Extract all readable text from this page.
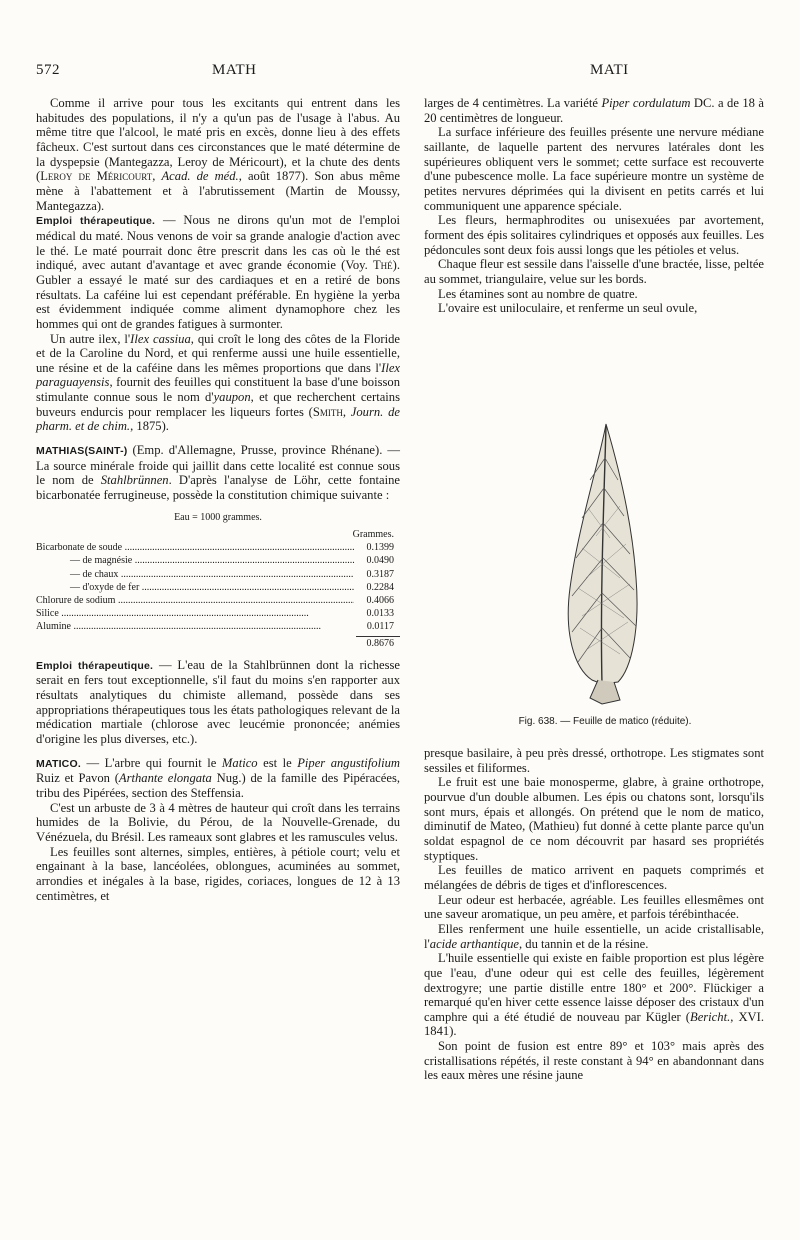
572	MATH	MATI

Comme il arrive pour tous les excitants qui entrent dans les habitudes des populations, il n'y a qu'un pas de l'usage à l'abus. Au même titre que l'alcool, le maté pris en excès, donne lieu à des effets fâcheux. C'est surtout dans ces circonstances que le maté détermine de la dyspepsie (Mantegazza, Leroy de Méricourt), et la chute des dents (Leroy de Méricourt, Acad. de méd., août 1877). Son abus même mène à l'abattement et à l'abrutissement (Martin de Moussy, Mantegazza).

Emploi thérapeutique. — Nous ne dirons qu'un mot de l'emploi médical du maté. Nous venons de voir sa grande analogie d'action avec le thé. Le maté pourrait donc être prescrit dans les cas où le thé est indiqué, avec autant d'avantage et avec grande économie (Voy. Thé). Gubler a essayé le maté sur des cardiaques et en a retiré de bons résultats. La caféine lui est cependant préférable. En hygiène la yerba est évidemment indiquée comme aliment dynamophore chez les hommes qui ont de grandes fatigues à surmonter.

Un autre ilex, l'Ilex cassiua, qui croît le long des côtes de la Floride et de la Caroline du Nord, et qui renferme aussi une huile essentielle, une résine et de la caféine dans les mêmes proportions que dans l'Ilex paraguayensis, fournit des feuilles qui constituent la base d'une boisson stimulante connue sous le nom d'yaupon, et que recherchent certains buveurs endurcis pour remplacer les liqueurs fortes (Smith, Journ. de pharm. et de chim., 1875).

MATHIAS(SAINT-) (Emp. d'Allemagne, Prusse, province Rhénane). — La source minérale froide qui jaillit dans cette localité est connue sous le nom de Stahlbrünnen. D'après l'analyse de Löhr, cette fontaine bicarbonatée ferrugineuse, possède la constitution chimique suivante :

Eau = 1000 grammes.
Grammes.
Bicarbonate de soude .....	0.1399
— de magnésie .....	0.0490
— de chaux .....	0.3187
— d'oxyde de fer .....	0.2284
Chlorure de sodium .....	0.4066
Silice .....	0.0133
Alumine .....	0.0117
0.8676

Emploi thérapeutique. — L'eau de la Stahlbrünnen dont la richesse serait en fers tout exceptionnelle, s'il faut du moins s'en rapporter aux résultats analytiques du chimiste allemand, possède dans ses appropriations thérapeutiques tous les états pathologiques relevant de la médication martiale (chlorose avec leucémie prononcée; anémies d'origine les plus diverses, etc.).

MATICO. — L'arbre qui fournit le Matico est le Piper angustifolium Ruiz et Pavon (Arthante elongata Nug.) de la famille des Pipéracées, tribu des Pipérées, section des Steffensia.

C'est un arbuste de 3 à 4 mètres de hauteur qui croît dans les terrains humides de la Bolivie, du Pérou, de la Nouvelle-Grenade, du Vénézuela, du Brésil. Les rameaux sont glabres et les ramuscules velus.

Les feuilles sont alternes, simples, entières, à pétiole court; velu et engainant à la base, lancéolées, oblongues, acuminées au sommet, arrondies et inégales à la base, rigides, coriaces, longues de 12 à 13 centimètres, et

larges de 4 centimètres. La variété Piper cordulatum DC. a de 18 à 20 centimètres de longueur.

La surface inférieure des feuilles présente une nervure médiane saillante, de laquelle partent des nervures latérales dont les supérieures obliquent vers le sommet; cette surface est recouverte d'une pubescence molle. La face supérieure montre un système de petites nervures déprimées qui la divisent en petits carrés et lui communiquent une apparence spéciale.

Les fleurs, hermaphrodites ou unisexuées par avortement, forment des épis solitaires cylindriques et opposés aux feuilles. Les pédoncules sont deux fois aussi longs que les pétioles et velus.

Chaque fleur est sessile dans l'aisselle d'une bractée, lisse, peltée au sommet, triangulaire, velue sur les bords.

Les étamines sont au nombre de quatre.

L'ovaire est uniloculaire, et renferme un seul ovule,

Fig. 638. — Feuille de matico (réduite).

presque basilaire, à peu près dressé, orthotrope. Les stigmates sont sessiles et filiformes.

Le fruit est une baie monosperme, glabre, à graine orthotrope, pourvue d'un double albumen. Les épis ou chatons sont, lorsqu'ils sont murs, épais et allongés. On prétend que le nom de matico, diminutif de Mateo, (Mathieu) fut donné à cette plante parce qu'un soldat espagnol de ce nom découvrit par hasard ses propriétés styptiques.

Les feuilles de matico arrivent en paquets comprimés et mélangées de débris de tiges et d'inflorescences.

Leur odeur est herbacée, agréable. Les feuilles ellesmêmes ont une saveur aromatique, un peu amère, et parfois térébinthacée.

Elles renferment une huile essentielle, un acide cristallisable, l'acide arthantique, du tannin et de la résine.

L'huile essentielle qui existe en faible proportion est plus légère que l'eau, d'une odeur qui est celle des feuilles, légèrement dextrogyre; une partie distille entre 180° et 200°. Flückiger a remarqué qu'en hiver cette essence laisse déposer des cristaux d'un camphre qui a été étudié de nouveau par Kügler (Bericht., XVI. 1841).

Son point de fusion est entre 89° et 103° mais après des cristallisations répétés, il reste constant à 94° en abandonnant dans les eaux mères une résine jaune
